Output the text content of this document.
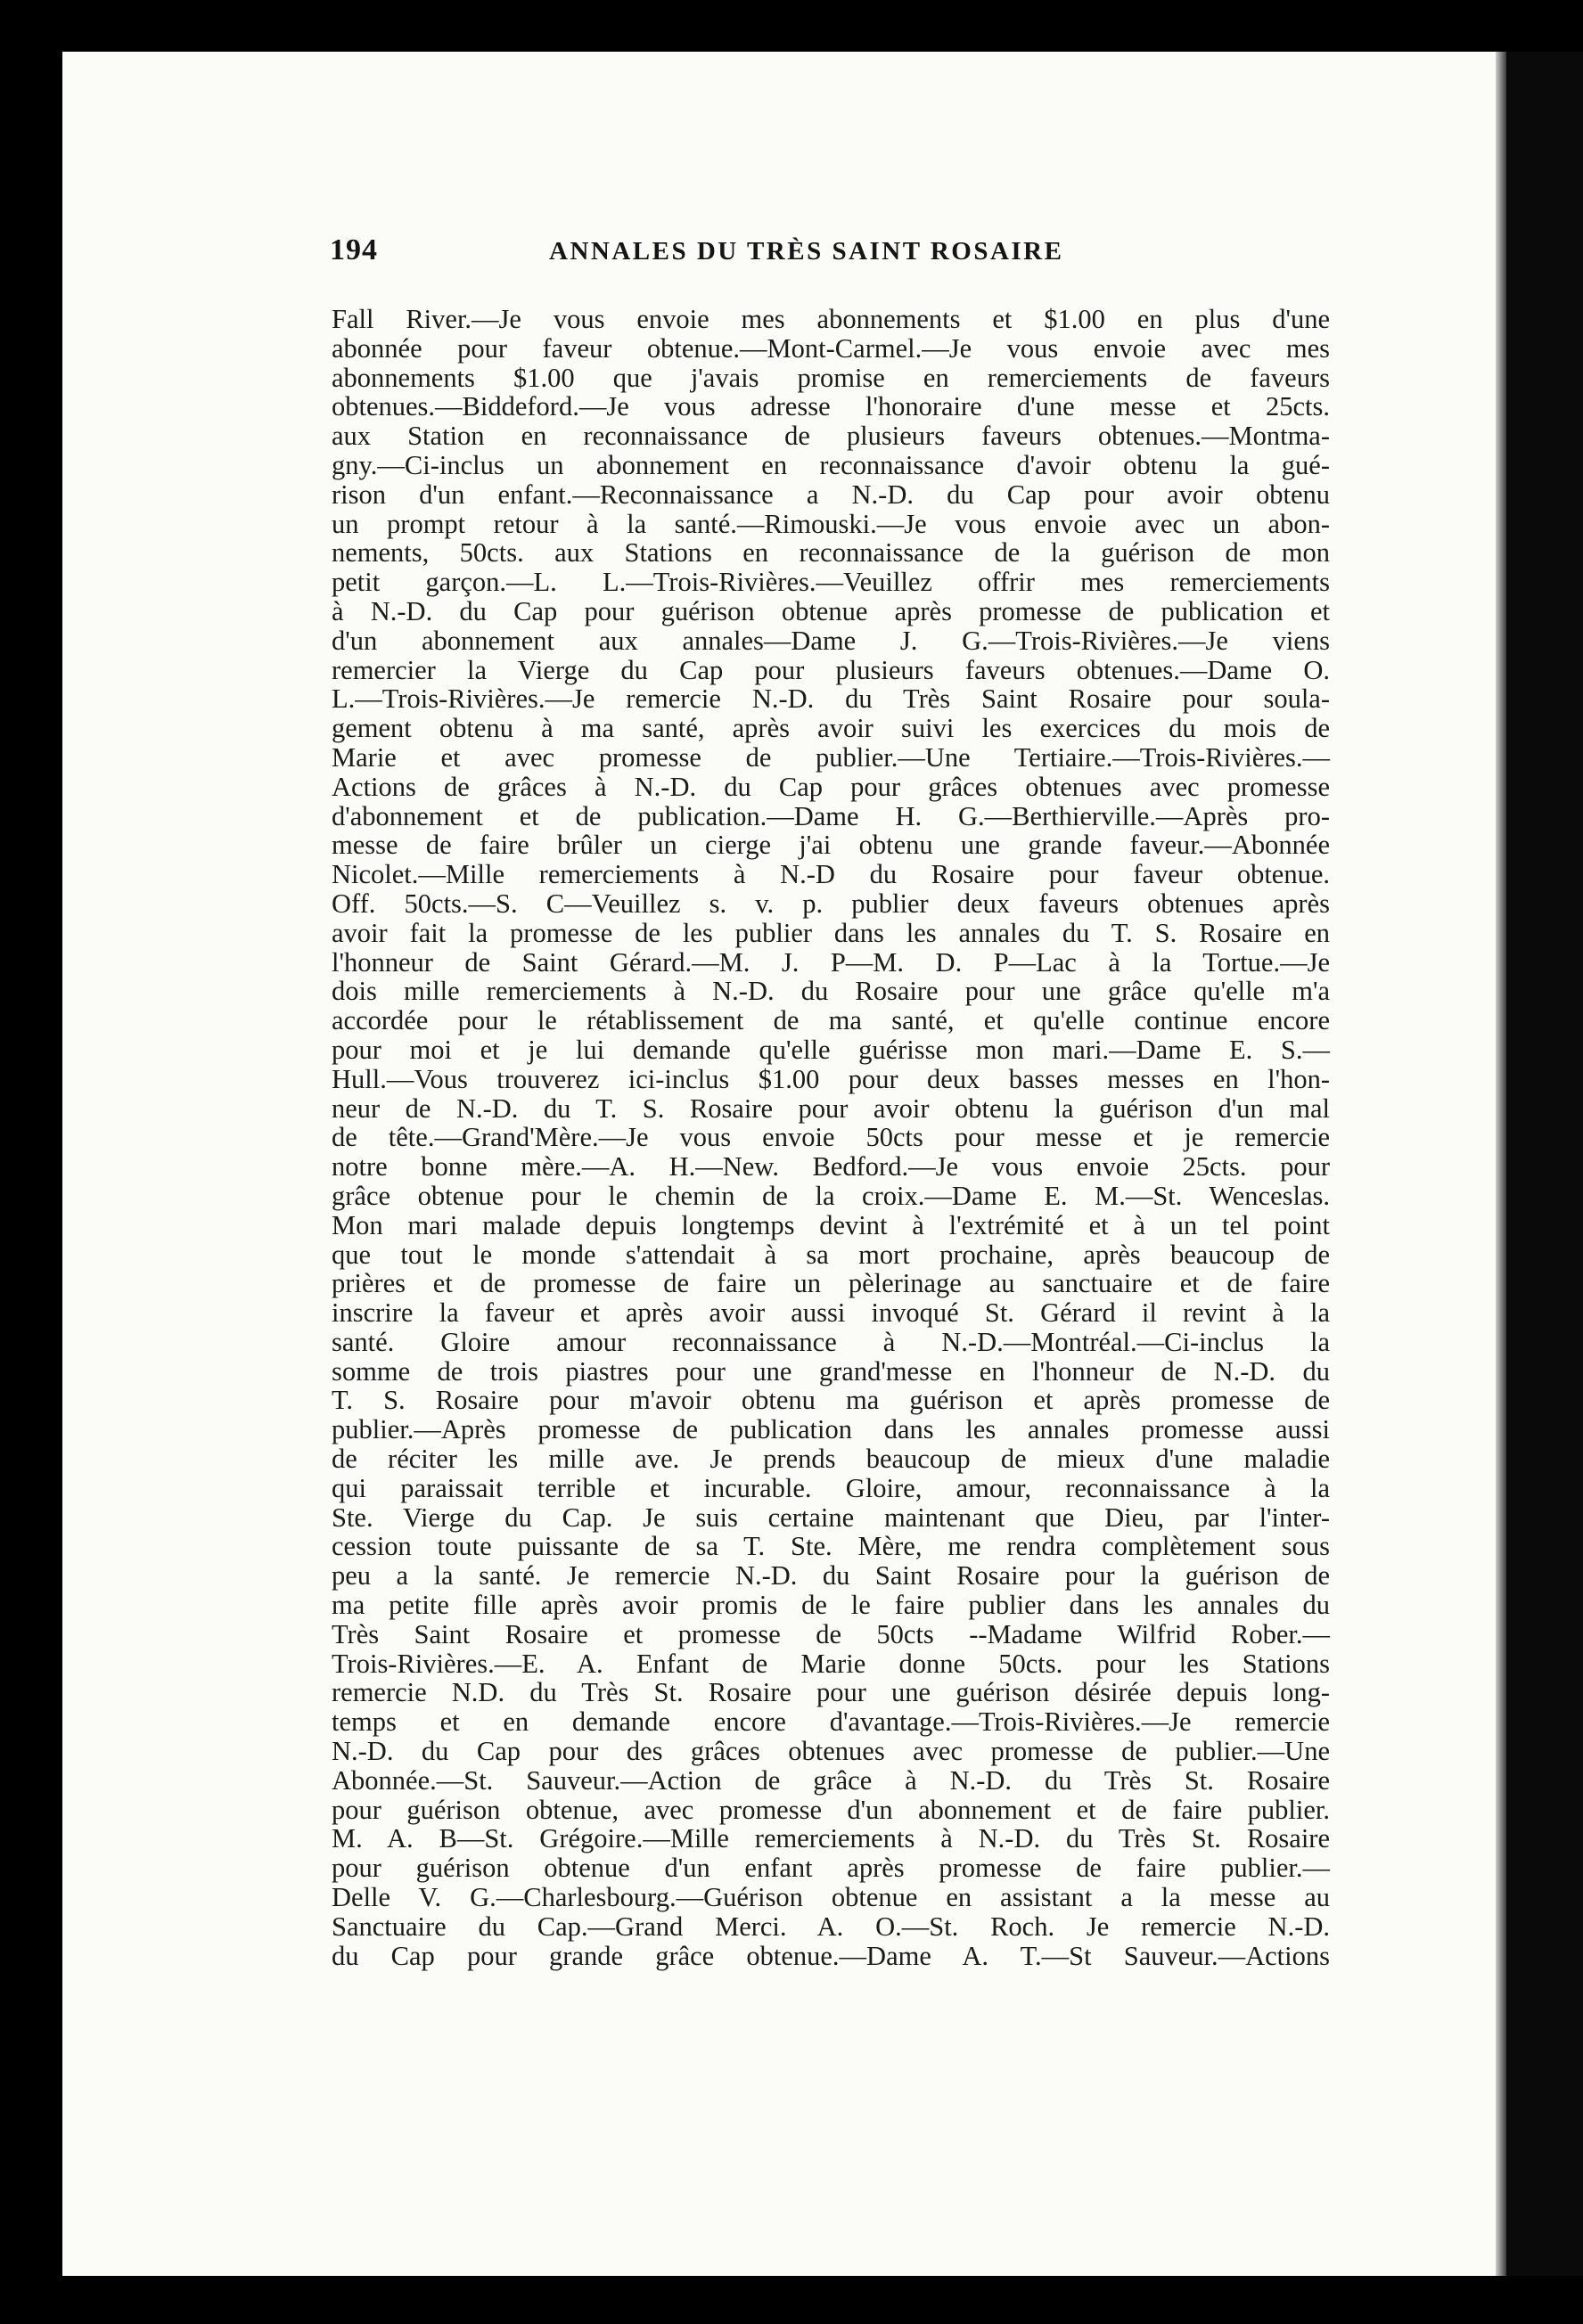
194	ANNALES DU TRÈS SAINT ROSAIRE
Fall River.—Je vous envoie mes abonnements et $1.00 en plus d'une
abonnée pour faveur obtenue.—Mont-Carmel.—Je vous envoie avec mes
abonnements $1.00 que j'avais promise en remerciements de faveurs
obtenues.—Biddeford.—Je vous adresse l'honoraire d'une messe et 25cts.
aux Station en reconnaissance de plusieurs faveurs obtenues.—Montma-
gny.—Ci-inclus un abonnement en reconnaissance d'avoir obtenu la gué-
rison d'un enfant.—Reconnaissance a N.-D. du Cap pour avoir obtenu
un prompt retour à la santé.—Rimouski.—Je vous envoie avec un abon-
nements, 50cts. aux Stations en reconnaissance de la guérison de mon
petit garçon.—L. L.—Trois-Rivières.—Veuillez offrir mes remerciements
à N.-D. du Cap pour guérison obtenue après promesse de publication et
d'un abonnement aux annales—Dame J. G.—Trois-Rivières.—Je viens
remercier la Vierge du Cap pour plusieurs faveurs obtenues.—Dame O.
L.—Trois-Rivières.—Je remercie N.-D. du Très Saint Rosaire pour soula-
gement obtenu à ma santé, après avoir suivi les exercices du mois de
Marie et avec promesse de publier.—Une Tertiaire.—Trois-Rivières.—
Actions de grâces à N.-D. du Cap pour grâces obtenues avec promesse
d'abonnement et de publication.—Dame H. G.—Berthierville.—Après pro-
messe de faire brûler un cierge j'ai obtenu une grande faveur.—Abonnée
Nicolet.—Mille remerciements à N.-D du Rosaire pour faveur obtenue.
Off. 50cts.—S. C—Veuillez s. v. p. publier deux faveurs obtenues après
avoir fait la promesse de les publier dans les annales du T. S. Rosaire en
l'honneur de Saint Gérard.—M. J. P—M. D. P—Lac à la Tortue.—Je
dois mille remerciements à N.-D. du Rosaire pour une grâce qu'elle m'a
accordée pour le rétablissement de ma santé, et qu'elle continue encore
pour moi et je lui demande qu'elle guérisse mon mari.—Dame E. S.—
Hull.—Vous trouverez ici-inclus $1.00 pour deux basses messes en l'hon-
neur de N.-D. du T. S. Rosaire pour avoir obtenu la guérison d'un mal
de tête.—Grand'Mère.—Je vous envoie 50cts pour messe et je remercie
notre bonne mère.—A. H.—New. Bedford.—Je vous envoie 25cts. pour
grâce obtenue pour le chemin de la croix.—Dame E. M.—St. Wenceslas.
Mon mari malade depuis longtemps devint à l'extrémité et à un tel point
que tout le monde s'attendait à sa mort prochaine, après beaucoup de
prières et de promesse de faire un pèlerinage au sanctuaire et de faire
inscrire la faveur et après avoir aussi invoqué St. Gérard il revint à la
santé. Gloire amour reconnaissance à N.-D.—Montréal.—Ci-inclus la
somme de trois piastres pour une grand'messe en l'honneur de N.-D. du
T. S. Rosaire pour m'avoir obtenu ma guérison et après promesse de
publier.—Après promesse de publication dans les annales promesse aussi
de réciter les mille ave. Je prends beaucoup de mieux d'une maladie
qui paraissait terrible et incurable. Gloire, amour, reconnaissance à la
Ste. Vierge du Cap. Je suis certaine maintenant que Dieu, par l'inter-
cession toute puissante de sa T. Ste. Mère, me rendra complètement sous
peu a la santé. Je remercie N.-D. du Saint Rosaire pour la guérison de
ma petite fille après avoir promis de le faire publier dans les annales du
Très Saint Rosaire et promesse de 50cts --Madame Wilfrid Rober.—
Trois-Rivières.—E. A. Enfant de Marie donne 50cts. pour les Stations
remercie N.D. du Très St. Rosaire pour une guérison désirée depuis long-
temps et en demande encore d'avantage.—Trois-Rivières.—Je remercie
N.-D. du Cap pour des grâces obtenues avec promesse de publier.—Une
Abonnée.—St. Sauveur.—Action de grâce à N.-D. du Très St. Rosaire
pour guérison obtenue, avec promesse d'un abonnement et de faire publier.
M. A. B—St. Grégoire.—Mille remerciements à N.-D. du Très St. Rosaire
pour guérison obtenue d'un enfant après promesse de faire publier.—
Delle V. G.—Charlesbourg.—Guérison obtenue en assistant a la messe au
Sanctuaire du Cap.—Grand Merci. A. O.—St. Roch. Je remercie N.-D.
du Cap pour grande grâce obtenue.—Dame A. T.—St Sauveur.—Actions
